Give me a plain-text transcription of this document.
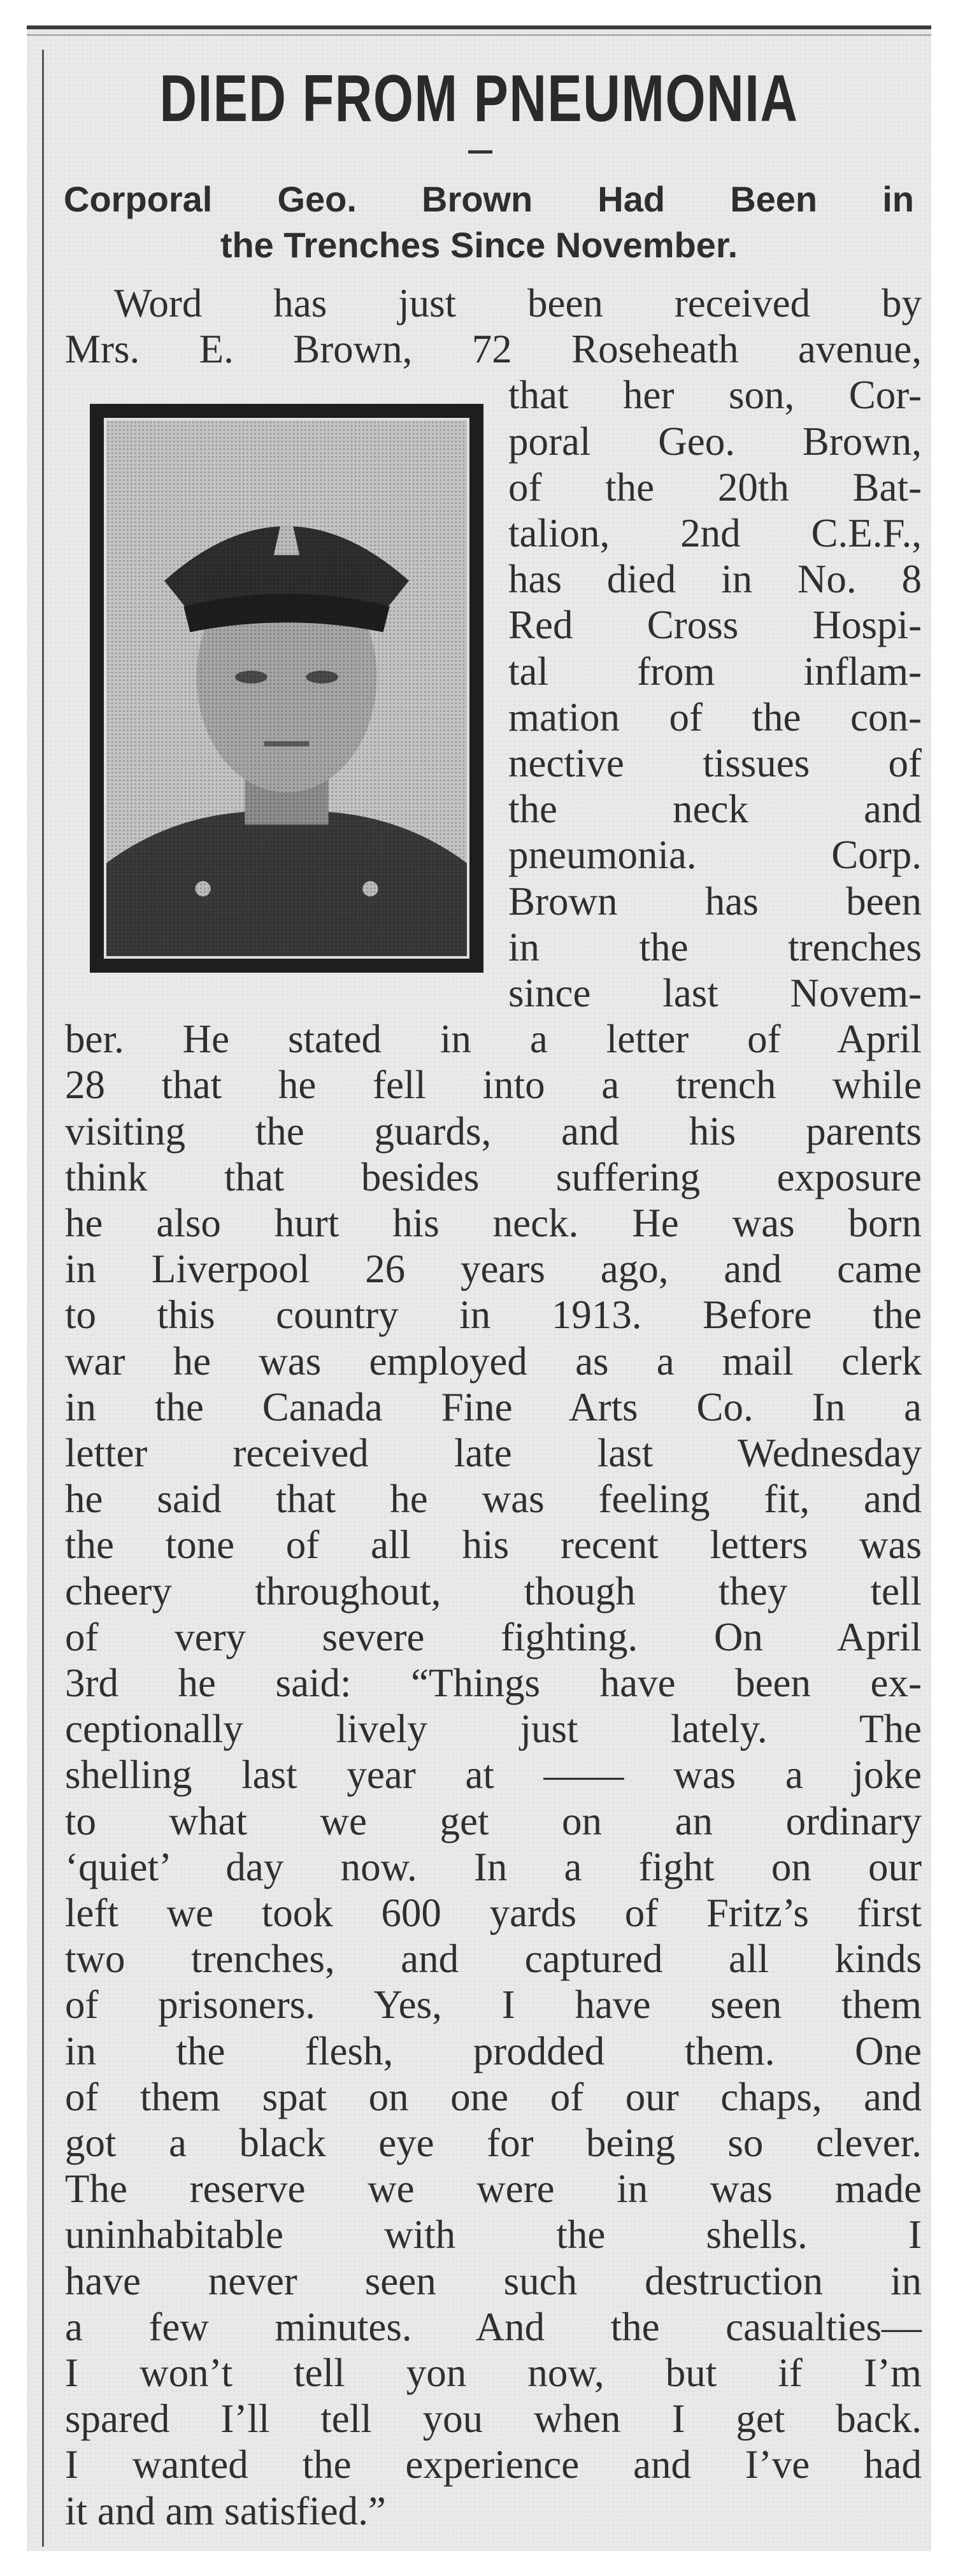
DIED FROM PNEUMONIA
Corporal Geo. Brown Had Been in
the Trenches Since November.
Word has just been received by
Mrs. E. Brown, 72 Roseheath avenue,
that her son, Cor-
poral Geo. Brown,
of the 20th Bat-
talion, 2nd C.E.F.,
has died in No. 8
Red Cross Hospi-
tal from inflam-
mation of the con-
nective tissues of
the neck and
pneumonia. Corp.
Brown has been
in the trenches
since last Novem-
ber. He stated in a letter of April
28 that he fell into a trench while
visiting the guards, and his parents
think that besides suffering exposure
he also hurt his neck. He was born
in Liverpool 26 years ago, and came
to this country in 1913. Before the
war he was employed as a mail clerk
in the Canada Fine Arts Co. In a
letter received late last Wednesday
he said that he was feeling fit, and
the tone of all his recent letters was
cheery throughout, though they tell
of very severe fighting. On April
3rd he said: “Things have been ex-
ceptionally lively just lately. The
shelling last year at —— was a joke
to what we get on an ordinary
‘quiet’ day now. In a fight on our
left we took 600 yards of Fritz’s first
two trenches, and captured all kinds
of prisoners. Yes, I have seen them
in the flesh, prodded them. One
of them spat on one of our chaps, and
got a black eye for being so clever.
The reserve we were in was made
uninhabitable with the shells. I
have never seen such destruction in
a few minutes. And the casualties—
I won’t tell yon now, but if I’m
spared I’ll tell you when I get back.
I wanted the experience and I’ve had
it and am satisfied.”
